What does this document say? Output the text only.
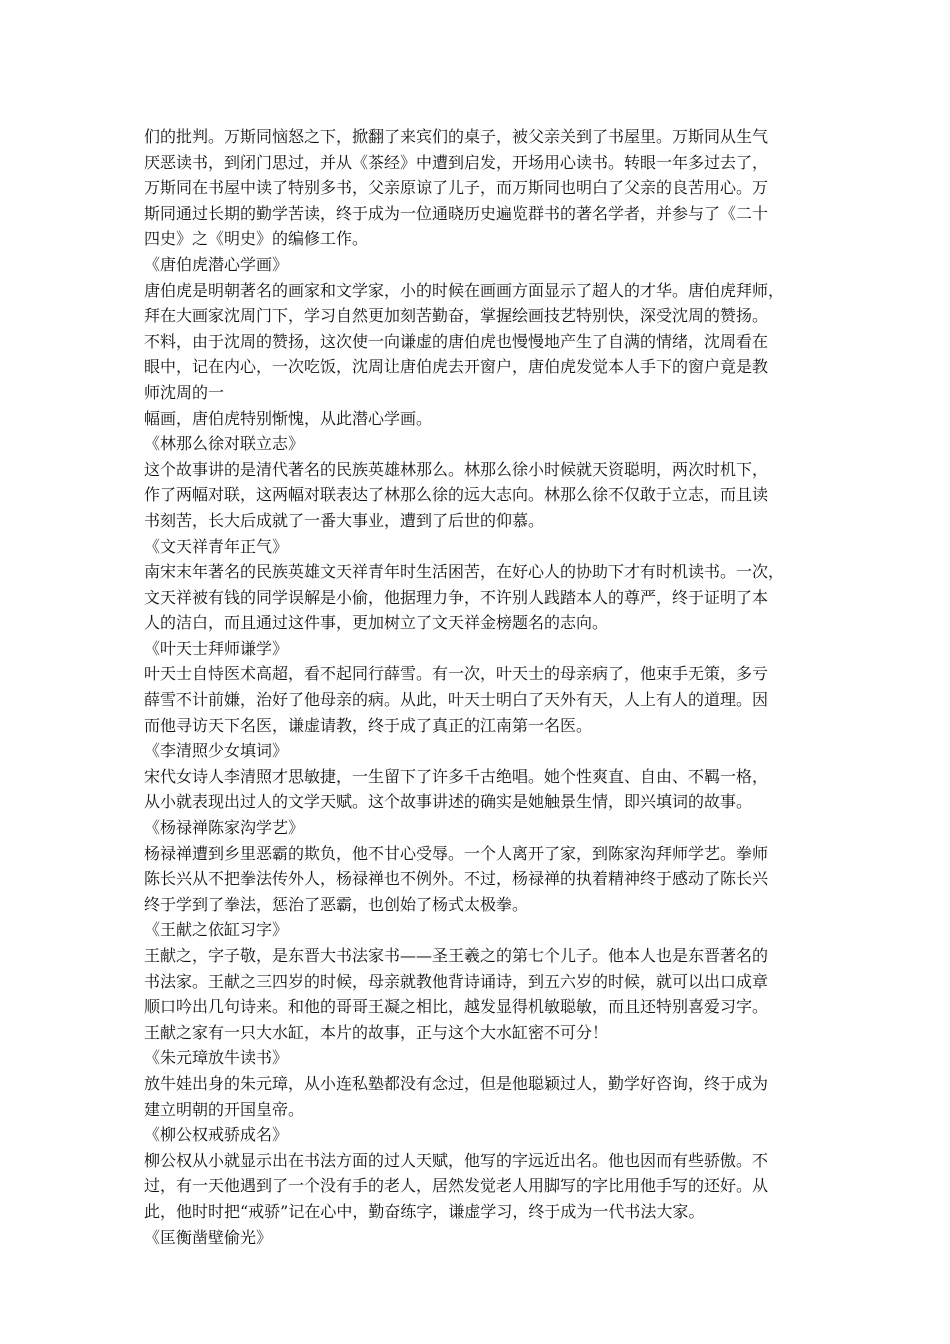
们的批判。万斯同恼怒之下，掀翻了来宾们的桌子，被父亲关到了书屋里。万斯同从生气

厌恶读书，到闭门思过，并从《茶经》中遭到启发，开场用心读书。转眼一年多过去了，

万斯同在书屋中读了特别多书，父亲原谅了儿子，而万斯同也明白了父亲的良苦用心。万

斯同通过长期的勤学苦读，终于成为一位通晓历史遍览群书的著名学者，并参与了《二十

四史》之《明史》的编修工作。

《唐伯虎潜心学画》

唐伯虎是明朝著名的画家和文学家，小的时候在画画方面显示了超人的才华。唐伯虎拜师，

拜在大画家沈周门下，学习自然更加刻苦勤奋，掌握绘画技艺特别快，深受沈周的赞扬。

不料，由于沈周的赞扬，这次使一向谦虚的唐伯虎也慢慢地产生了自满的情绪，沈周看在

眼中，记在内心，一次吃饭，沈周让唐伯虎去开窗户，唐伯虎发觉本人手下的窗户竟是教

师沈周的一

幅画，唐伯虎特别惭愧，从此潜心学画。

《林那么徐对联立志》

这个故事讲的是清代著名的民族英雄林那么。林那么徐小时候就天资聪明，两次时机下，

作了两幅对联，这两幅对联表达了林那么徐的远大志向。林那么徐不仅敢于立志，而且读

书刻苦，长大后成就了一番大事业，遭到了后世的仰慕。

《文天祥青年正气》

南宋末年著名的民族英雄文天祥青年时生活困苦，在好心人的协助下才有时机读书。一次，

文天祥被有钱的同学误解是小偷，他据理力争，不许别人践踏本人的尊严，终于证明了本

人的洁白，而且通过这件事，更加树立了文天祥金榜题名的志向。

《叶天士拜师谦学》

叶天士自恃医术高超，看不起同行薛雪。有一次，叶天士的母亲病了，他束手无策，多亏

薛雪不计前嫌，治好了他母亲的病。从此，叶天士明白了天外有天，人上有人的道理。因

而他寻访天下名医，谦虚请教，终于成了真正的江南第一名医。

《李清照少女填词》

宋代女诗人李清照才思敏捷，一生留下了许多千古绝唱。她个性爽直、自由、不羁一格，

从小就表现出过人的文学天赋。这个故事讲述的确实是她触景生情，即兴填词的故事。

《杨禄禅陈家沟学艺》

杨禄禅遭到乡里恶霸的欺负，他不甘心受辱。一个人离开了家，到陈家沟拜师学艺。拳师

陈长兴从不把拳法传外人，杨禄禅也不例外。不过，杨禄禅的执着精神终于感动了陈长兴

终于学到了拳法，惩治了恶霸，也创始了杨式太极拳。

《王献之依缸习字》

王献之，字子敬，是东晋大书法家书——圣王羲之的第七个儿子。他本人也是东晋著名的

书法家。王献之三四岁的时候，母亲就教他背诗诵诗，到五六岁的时候，就可以出口成章

顺口吟出几句诗来。和他的哥哥王凝之相比，越发显得机敏聪敏，而且还特别喜爱习字。

王献之家有一只大水缸，本片的故事，正与这个大水缸密不可分！

《朱元璋放牛读书》

放牛娃出身的朱元璋，从小连私塾都没有念过，但是他聪颖过人，勤学好咨询，终于成为

建立明朝的开国皇帝。

《柳公权戒骄成名》

柳公权从小就显示出在书法方面的过人天赋，他写的字远近出名。他也因而有些骄傲。不

过，有一天他遇到了一个没有手的老人，居然发觉老人用脚写的字比用他手写的还好。从

此，他时时把“戒骄”记在心中，勤奋练字，谦虚学习，终于成为一代书法大家。

《匡衡凿壁偷光》
